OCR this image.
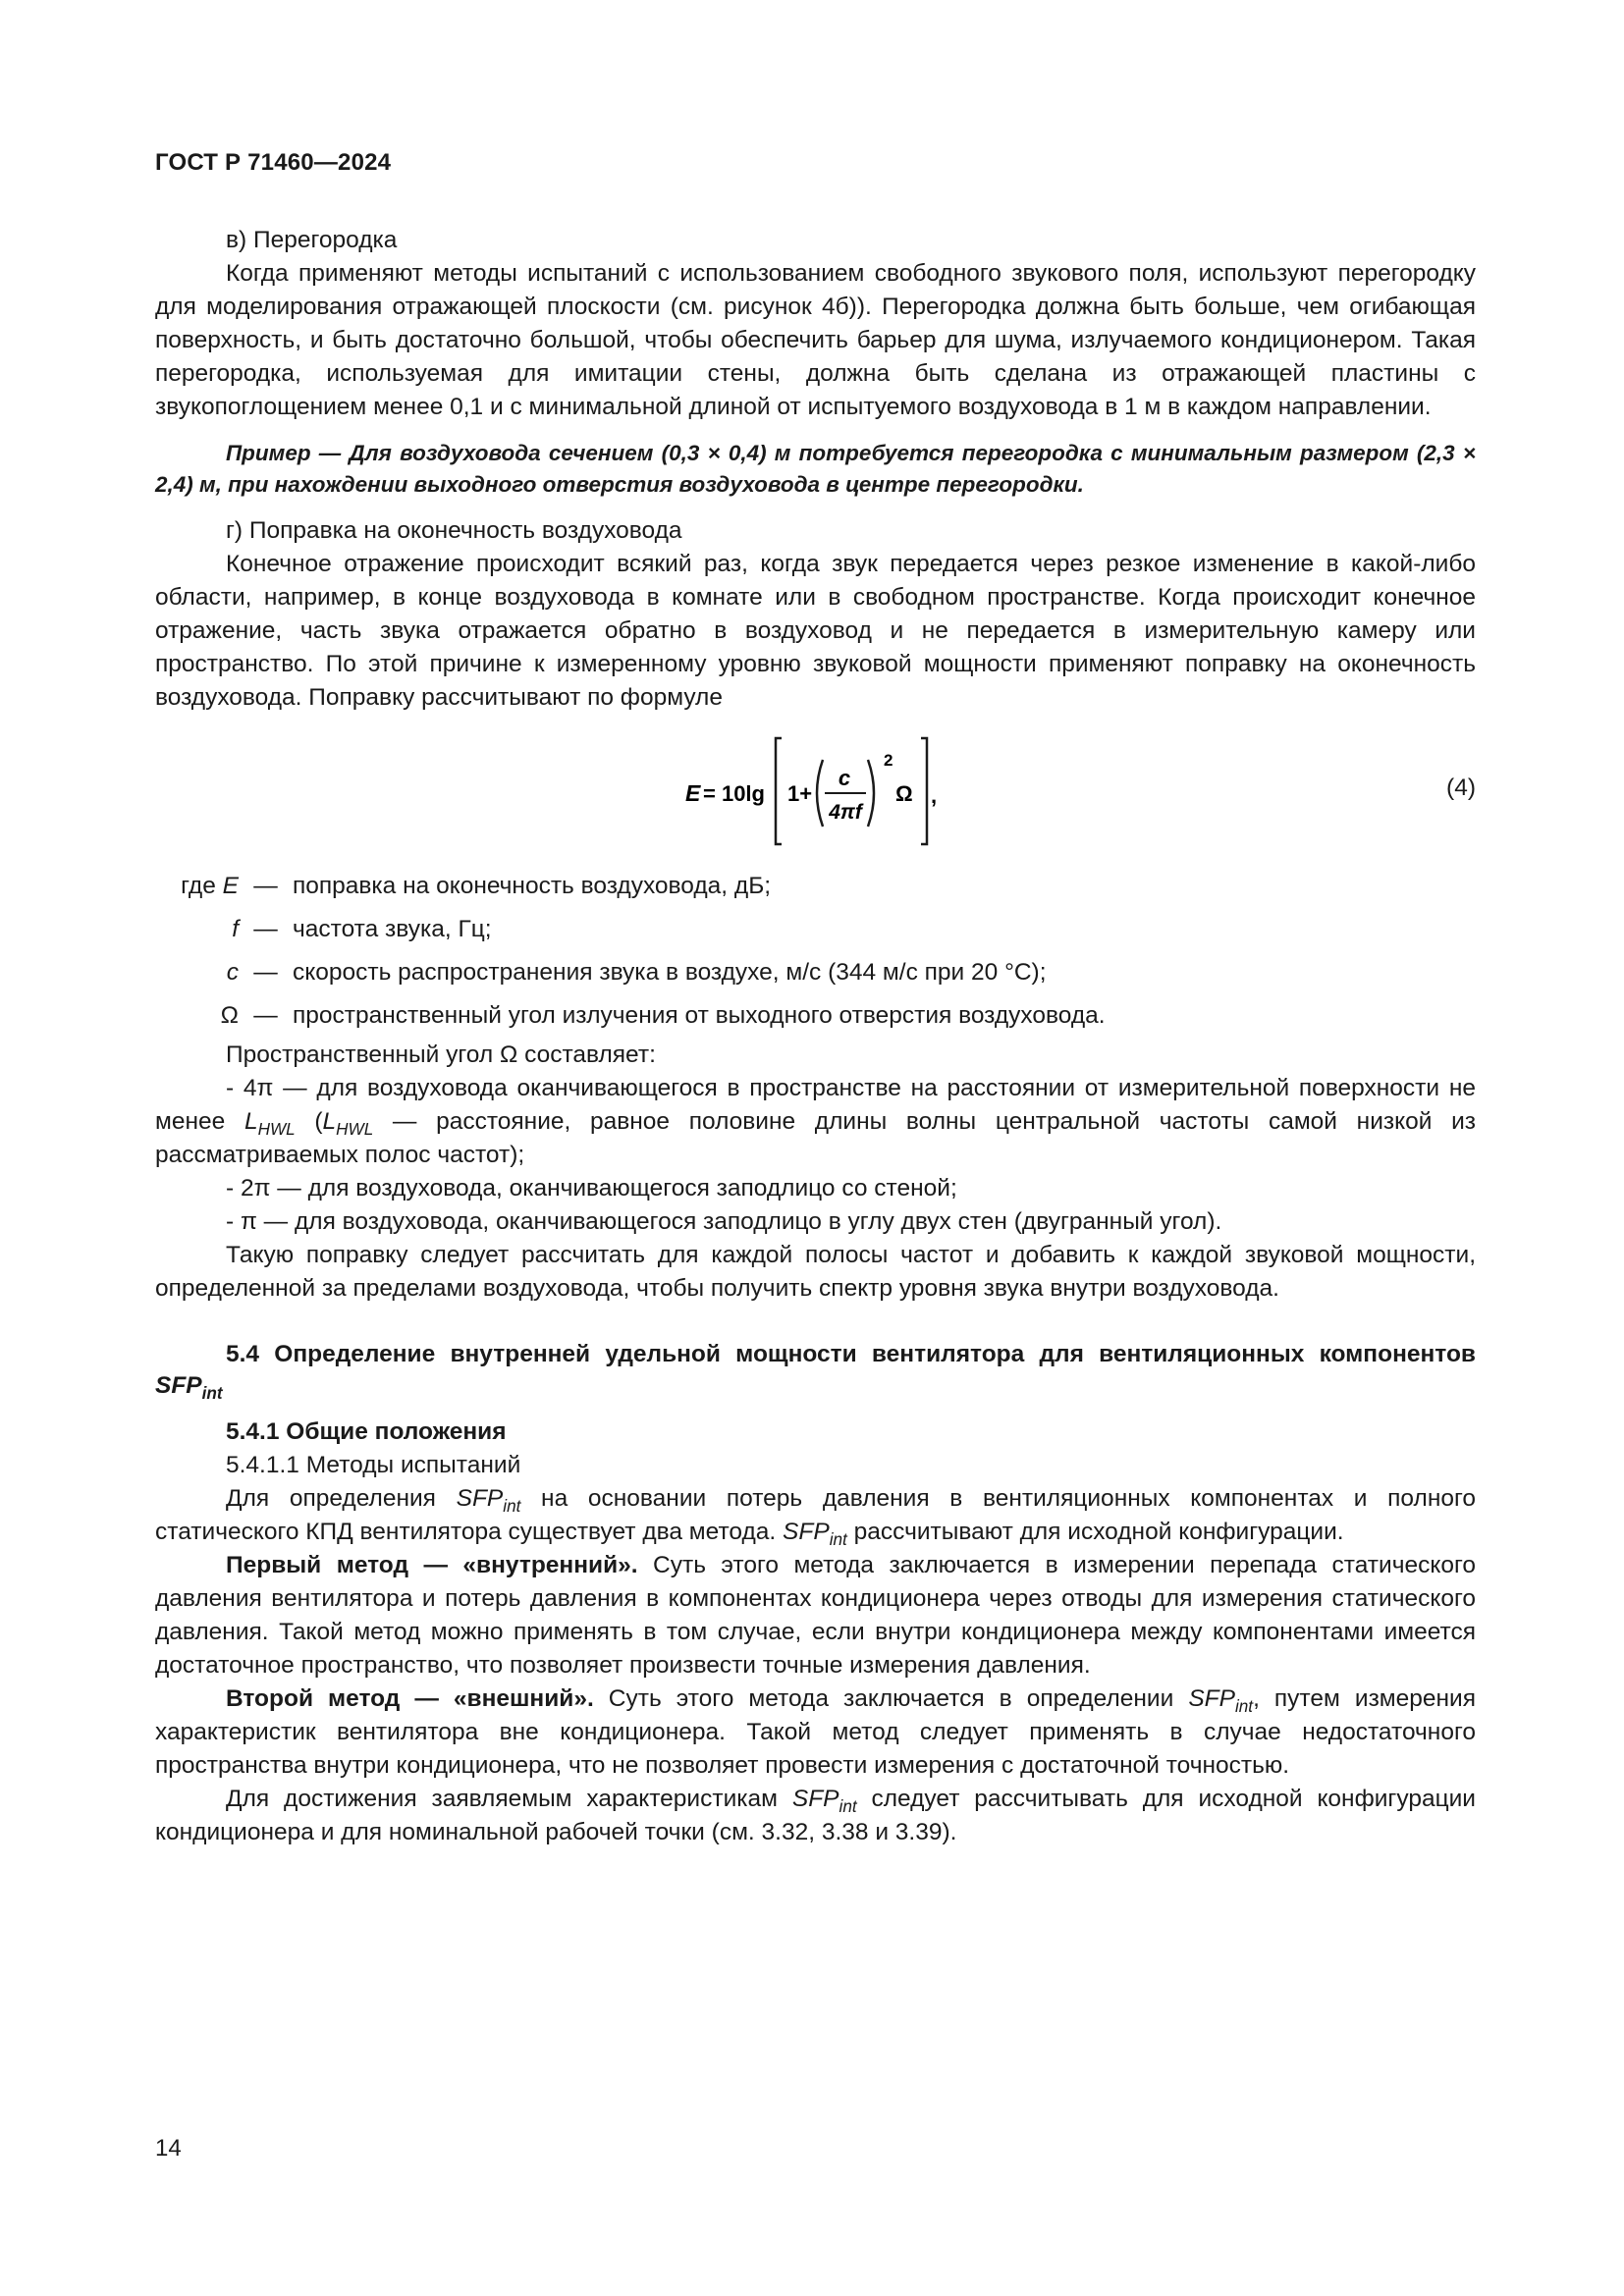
ГОСТ Р 71460—2024

в) Перегородка

Когда применяют методы испытаний с использованием свободного звукового поля, используют перегородку для моделирования отражающей плоскости (см. рисунок 4б)). Перегородка должна быть больше, чем огибающая поверхность, и быть достаточно большой, чтобы обеспечить барьер для шума, излучаемого кондиционером. Такая перегородка, используемая для имитации стены, должна быть сделана из отражающей пластины с звукопоглощением менее 0,1 и с минимальной длиной от испытуемого воздуховода в 1 м в каждом направлении.

Пример — Для воздуховода сечением (0,3 × 0,4) м потребуется перегородка с минимальным размером (2,3 × 2,4) м, при нахождении выходного отверстия воздуховода в центре перегородки.

г) Поправка на оконечность воздуховода

Конечное отражение происходит всякий раз, когда звук передается через резкое изменение в какой-либо области, например, в конце воздуховода в комнате или в свободном пространстве. Когда происходит конечное отражение, часть звука отражается обратно в воздуховод и не передается в измерительную камеру или пространство. По этой причине к измеренному уровню звуковой мощности применяют поправку на оконечность воздуховода. Поправку рассчитывают по формуле

E = 10lg 1+
c
4πf
2
Ω ,	(4)
где E — поправка на оконечность воздуховода, дБ;
f — частота звука, Гц;
c — скорость распространения звука в воздухе, м/с (344 м/с при 20 °С);
Ω — пространственный угол излучения от выходного отверстия воздуховода.

Пространственный угол Ω составляет:

- 4π — для воздуховода оканчивающегося в пространстве на расстоянии от измерительной поверхности не менее $L_{HWL}$ ($L_{HWL}$ — расстояние, равное половине длины волны центральной частоты самой низкой из рассматриваемых полос частот);

- 2π — для воздуховода, оканчивающегося заподлицо со стеной;

- π — для воздуховода, оканчивающегося заподлицо в углу двух стен (двугранный угол).

Такую поправку следует рассчитать для каждой полосы частот и добавить к каждой звуковой мощности, определенной за пределами воздуховода, чтобы получить спектр уровня звука внутри воздуховода.

5.4 Определение внутренней удельной мощности вентилятора для вентиляционных компонентов $SFP_{int}$

5.4.1 Общие положения

5.4.1.1 Методы испытаний

Для определения $SFP_{int}$ на основании потерь давления в вентиляционных компонентах и полного статического КПД вентилятора существует два метода. $SFP_{int}$ рассчитывают для исходной конфигурации.

Первый метод — «внутренний». Суть этого метода заключается в измерении перепада статического давления вентилятора и потерь давления в компонентах кондиционера через отводы для измерения статического давления. Такой метод можно применять в том случае, если внутри кондиционера между компонентами имеется достаточное пространство, что позволяет произвести точные измерения давления.

Второй метод — «внешний». Суть этого метода заключается в определении $SFP_{int}$, путем измерения характеристик вентилятора вне кондиционера. Такой метод следует применять в случае недостаточного пространства внутри кондиционера, что не позволяет провести измерения с достаточной точностью.

Для достижения заявляемым характеристикам $SFP_{int}$ следует рассчитывать для исходной конфигурации кондиционера и для номинальной рабочей точки (см. 3.32, 3.38 и 3.39).

14
